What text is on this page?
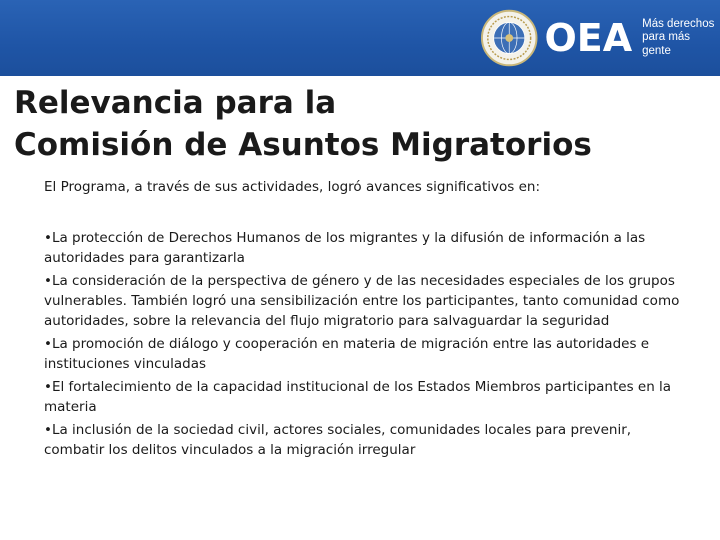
OEA Más derechos
para más gente
Relevancia para la
Comisión de Asuntos Migratorios

El Programa, a través de sus actividades, logró avances significativos en:

•La protección de Derechos Humanos de los migrantes y la difusión de información a las autoridades para garantizarla
•La consideración de la perspectiva de género y de las necesidades especiales de los grupos vulnerables. También logró una sensibilización entre los participantes, tanto comunidad como autoridades, sobre la relevancia del flujo migratorio para salvaguardar la seguridad
•La promoción de diálogo y cooperación en materia de migración entre las autoridades e instituciones vinculadas
•El fortalecimiento de la capacidad institucional de los Estados Miembros participantes en la materia
•La inclusión de la sociedad civil, actores sociales, comunidades locales para prevenir, combatir los delitos vinculados a la migración irregular
